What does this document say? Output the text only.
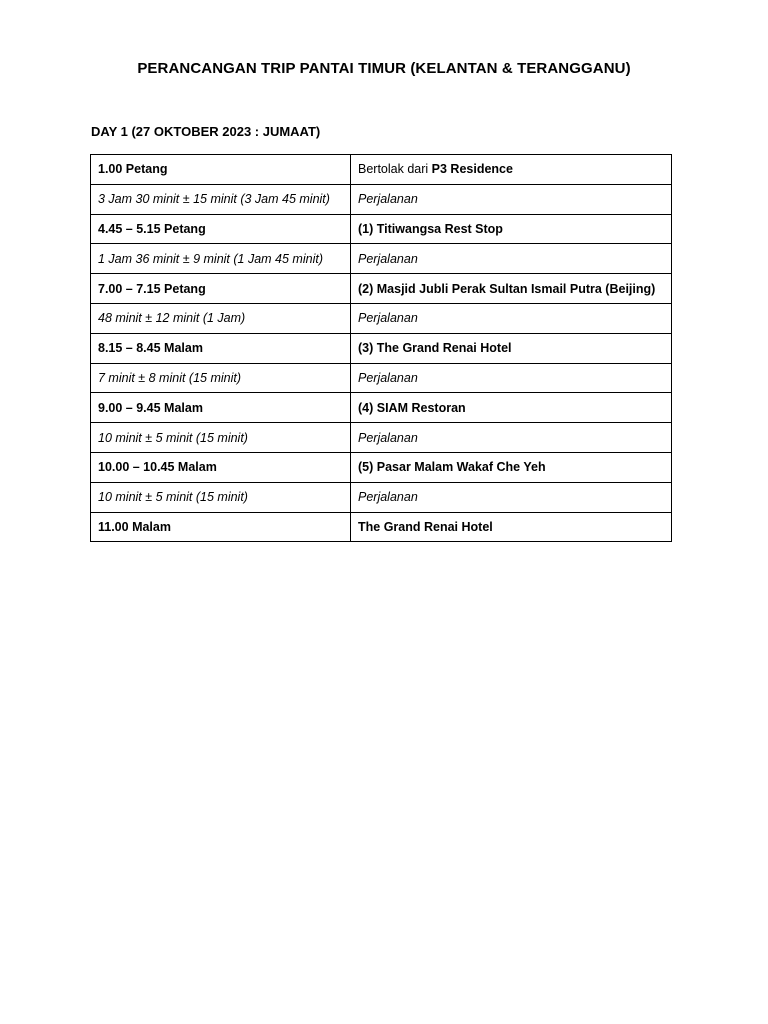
PERANCANGAN TRIP PANTAI TIMUR (KELANTAN & TERANGGANU)
DAY 1 (27 OKTOBER 2023 : JUMAAT)
1.00 Petang	Bertolak dari P3 Residence
3 Jam 30 minit ± 15 minit (3 Jam 45 minit)	Perjalanan
4.45 – 5.15 Petang	(1) Titiwangsa Rest Stop
1 Jam 36 minit ± 9 minit (1 Jam 45 minit)	Perjalanan
7.00 – 7.15 Petang	(2) Masjid Jubli Perak Sultan Ismail Putra (Beijing)
48 minit ± 12 minit (1 Jam)	Perjalanan
8.15 – 8.45 Malam	(3) The Grand Renai Hotel
7 minit ± 8 minit (15 minit)	Perjalanan
9.00 – 9.45 Malam	(4) SIAM Restoran
10 minit ± 5 minit (15 minit)	Perjalanan
10.00 – 10.45 Malam	(5) Pasar Malam Wakaf Che Yeh
10 minit ± 5 minit (15 minit)	Perjalanan
11.00 Malam	The Grand Renai Hotel
